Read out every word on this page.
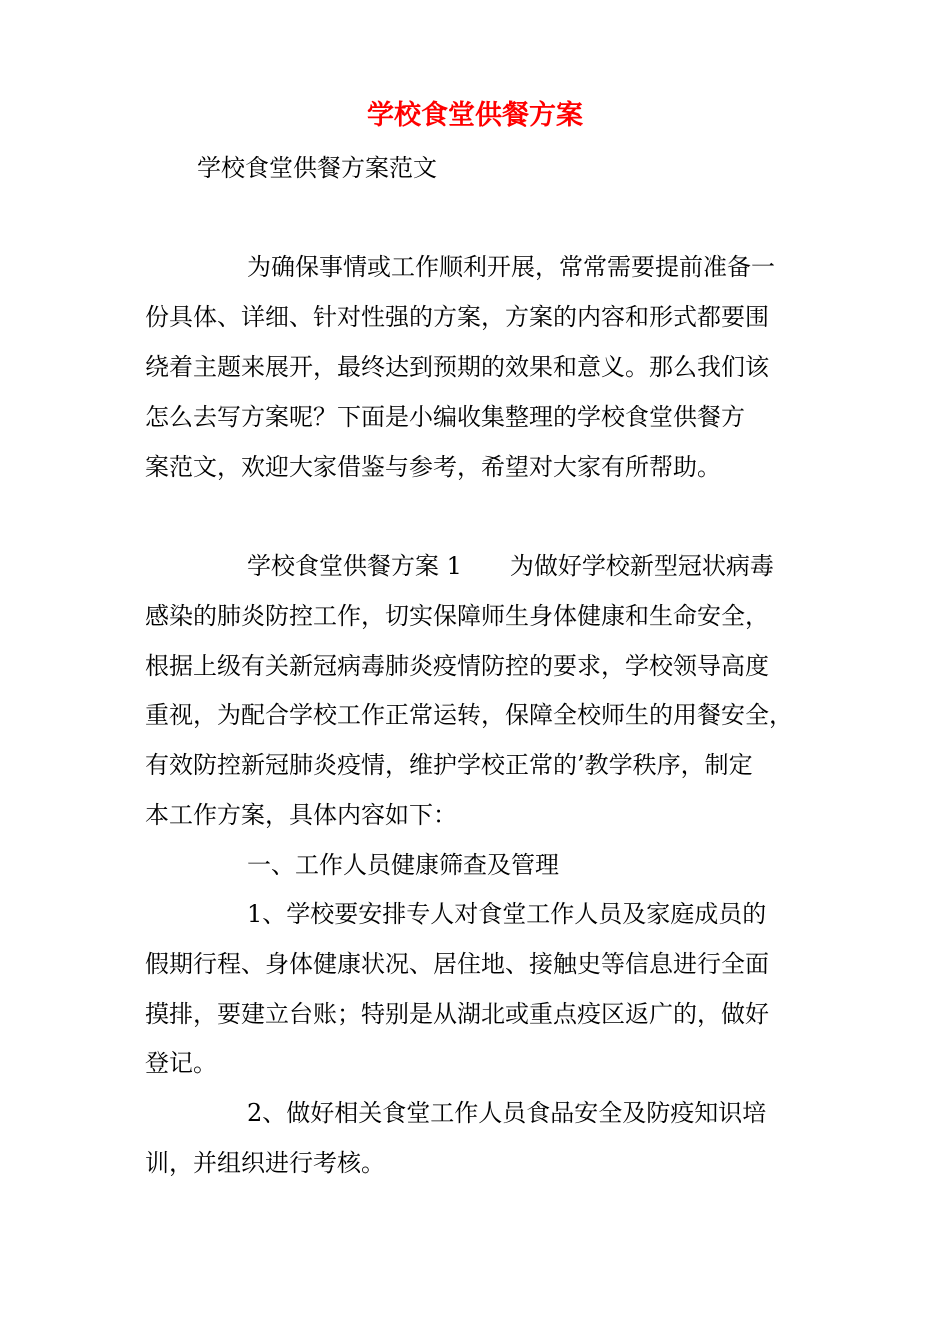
学校食堂供餐方案

学校食堂供餐方案范文

为确保事情或工作顺利开展，常常需要提前准备一

份具体、详细、针对性强的方案，方案的内容和形式都要围

绕着主题来展开，最终达到预期的效果和意义。那么我们该

怎么去写方案呢？下面是小编收集整理的学校食堂供餐方

案范文，欢迎大家借鉴与参考，希望对大家有所帮助。

学校食堂供餐方案 1　　为做好学校新型冠状病毒

感染的肺炎防控工作，切实保障师生身体健康和生命安全，

根据上级有关新冠病毒肺炎疫情防控的要求，学校领导高度

重视，为配合学校工作正常运转，保障全校师生的用餐安全，

有效防控新冠肺炎疫情，维护学校正常的’教学秩序，制定

本工作方案，具体内容如下：

一、工作人员健康筛查及管理

1、学校要安排专人对食堂工作人员及家庭成员的

假期行程、身体健康状况、居住地、接触史等信息进行全面

摸排，要建立台账；特别是从湖北或重点疫区返广的，做好

登记。

2、做好相关食堂工作人员食品安全及防疫知识培

训，并组织进行考核。
